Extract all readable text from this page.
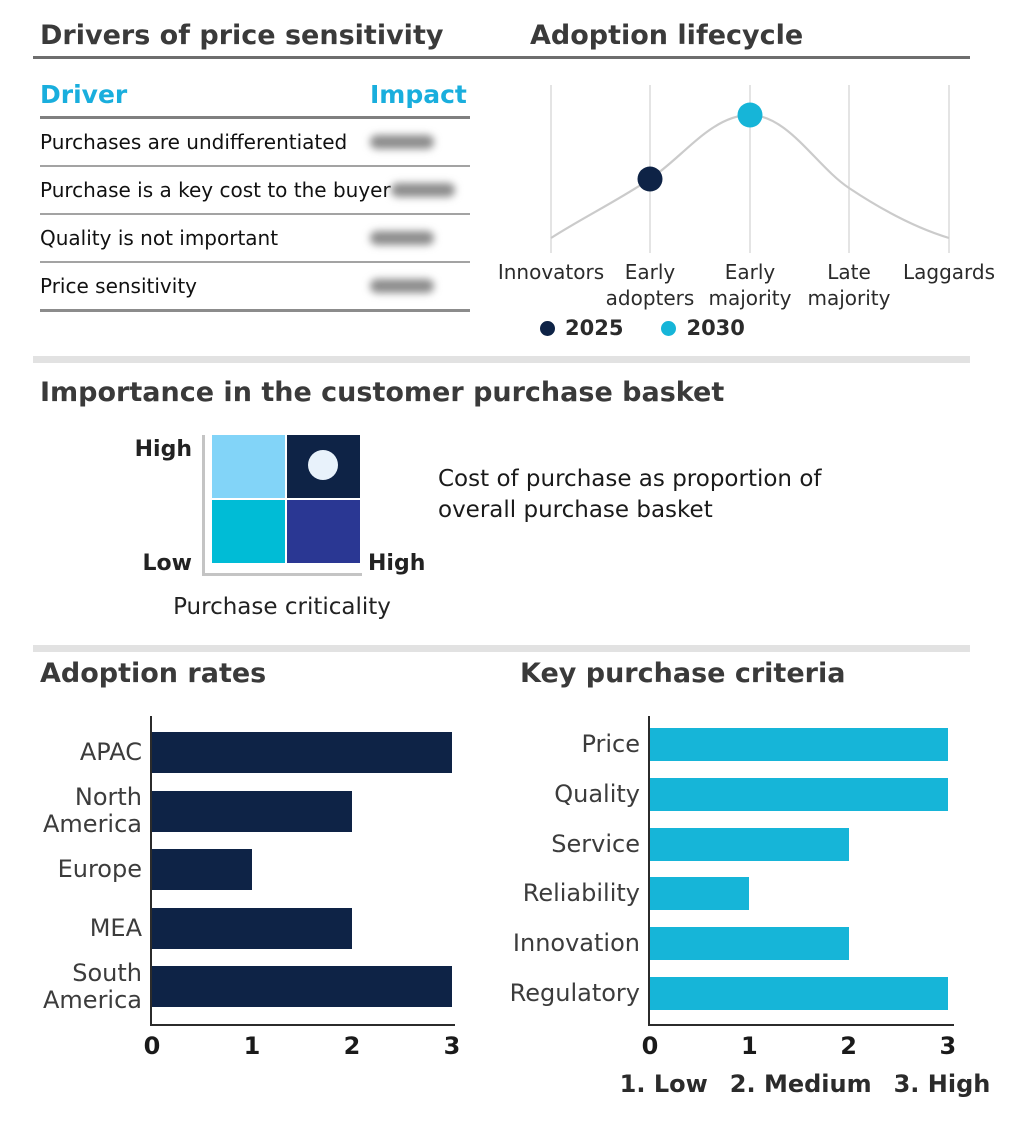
Drivers of price sensitivity	Adoption lifecycle
Driver	Impact
Purchases are undifferentiated
Purchase is a key cost to the buyer
Quality is not important
Price sensitivity
Innovators	Early
adopters
Early
majority
Late
majority
Laggards
2025	2030
Importance in the customer purchase basket
High
Low	High
Purchase criticality
Cost of purchase as proportion of
overall purchase basket
Adoption rates	Key purchase criteria
APAC
North America
Europe
MEA
South America
0	1	2	3
Price
Quality
Service
Reliability
Innovation
Regulatory
0	1	2	3
1. Low 2. Medium 3. High
